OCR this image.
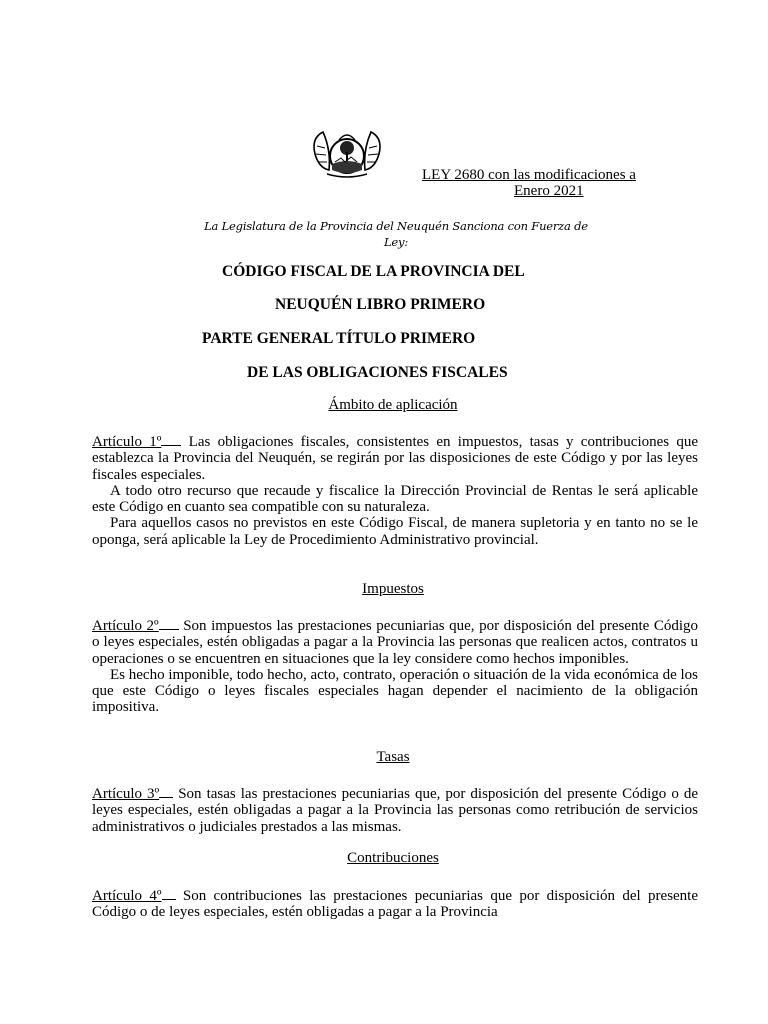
LEY 2680 con las modificaciones a
Enero 2021
La Legislatura de la Provincia del Neuquén Sanciona con Fuerza de Ley:
CÓDIGO FISCAL DE LA PROVINCIA DEL
NEUQUÉN LIBRO PRIMERO
PARTE GENERAL TÍTULO PRIMERO
DE LAS OBLIGACIONES FISCALES
Ámbito de aplicación

Artículo 1º Las obligaciones fiscales, consistentes en impuestos, tasas y contribuciones que establezca la Provincia del Neuquén, se regirán por las disposiciones de este Código y por las leyes fiscales especiales.

A todo otro recurso que recaude y fiscalice la Dirección Provincial de Rentas le será aplicable este Código en cuanto sea compatible con su naturaleza.

Para aquellos casos no previstos en este Código Fiscal, de manera supletoria y en tanto no se le oponga, será aplicable la Ley de Procedimiento Administrativo provincial.

Impuestos

Artículo 2º Son impuestos las prestaciones pecuniarias que, por disposición del presente Código o leyes especiales, estén obligadas a pagar a la Provincia las personas que realicen actos, contratos u operaciones o se encuentren en situaciones que la ley considere como hechos imponibles.

Es hecho imponible, todo hecho, acto, contrato, operación o situación de la vida económica de los que este Código o leyes fiscales especiales hagan depender el nacimiento de la obligación impositiva.

Tasas

Artículo 3º Son tasas las prestaciones pecuniarias que, por disposición del presente Código o de leyes especiales, estén obligadas a pagar a la Provincia las personas como retribución de servicios administrativos o judiciales prestados a las mismas.

Contribuciones

Artículo 4º Son contribuciones las prestaciones pecuniarias que por disposición del presente Código o de leyes especiales, estén obligadas a pagar a la Provincia
